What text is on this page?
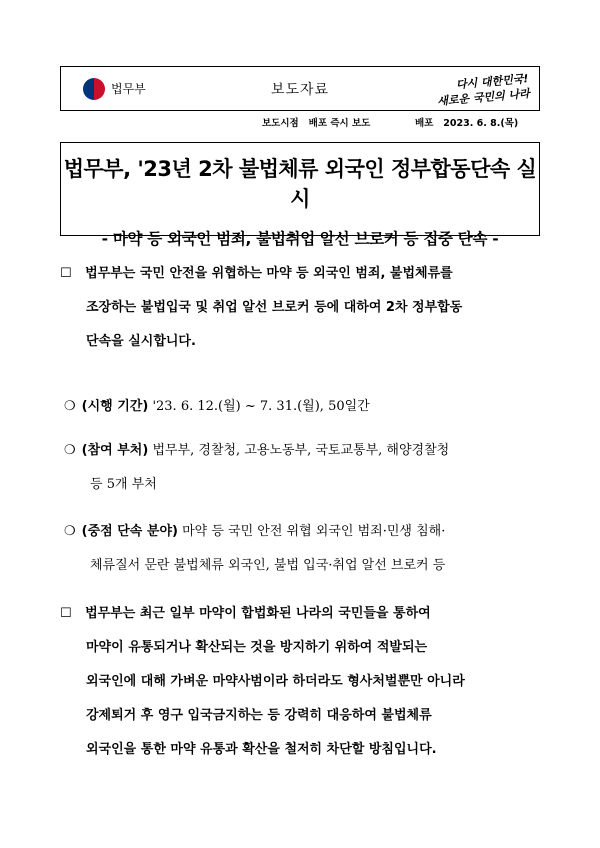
법무부	보도자료	다시 대한민국!
새로운 국민의 나라
보도시점 배포 즉시 보도	배포 2023. 6. 8.(목)
법무부, '23년 2차 불법체류 외국인 정부합동단속 실시
- 마약 등 외국인 범죄, 불법취업 알선 브로커 등 집중 단속 -
☐ 법무부는 국민 안전을 위협하는 마약 등 외국인 범죄, 불법체류를
조장하는 불법입국 및 취업 알선 브로커 등에 대하여 2차 정부합동
단속을 실시합니다.
❍ (시행 기간) '23. 6. 12.(월) ~ 7. 31.(월), 50일간
❍ (참여 부처) 법무부, 경찰청, 고용노동부, 국토교통부, 해양경찰청
등 5개 부처
❍ (중점 단속 분야) 마약 등 국민 안전 위협 외국인 범죄·민생 침해·
체류질서 문란 불법체류 외국인, 불법 입국·취업 알선 브로커 등
☐ 법무부는 최근 일부 마약이 합법화된 나라의 국민들을 통하여
마약이 유통되거나 확산되는 것을 방지하기 위하여 적발되는
외국인에 대해 가벼운 마약사범이라 하더라도 형사처벌뿐만 아니라
강제퇴거 후 영구 입국금지하는 등 강력히 대응하여 불법체류
외국인을 통한 마약 유통과 확산을 철저히 차단할 방침입니다.
